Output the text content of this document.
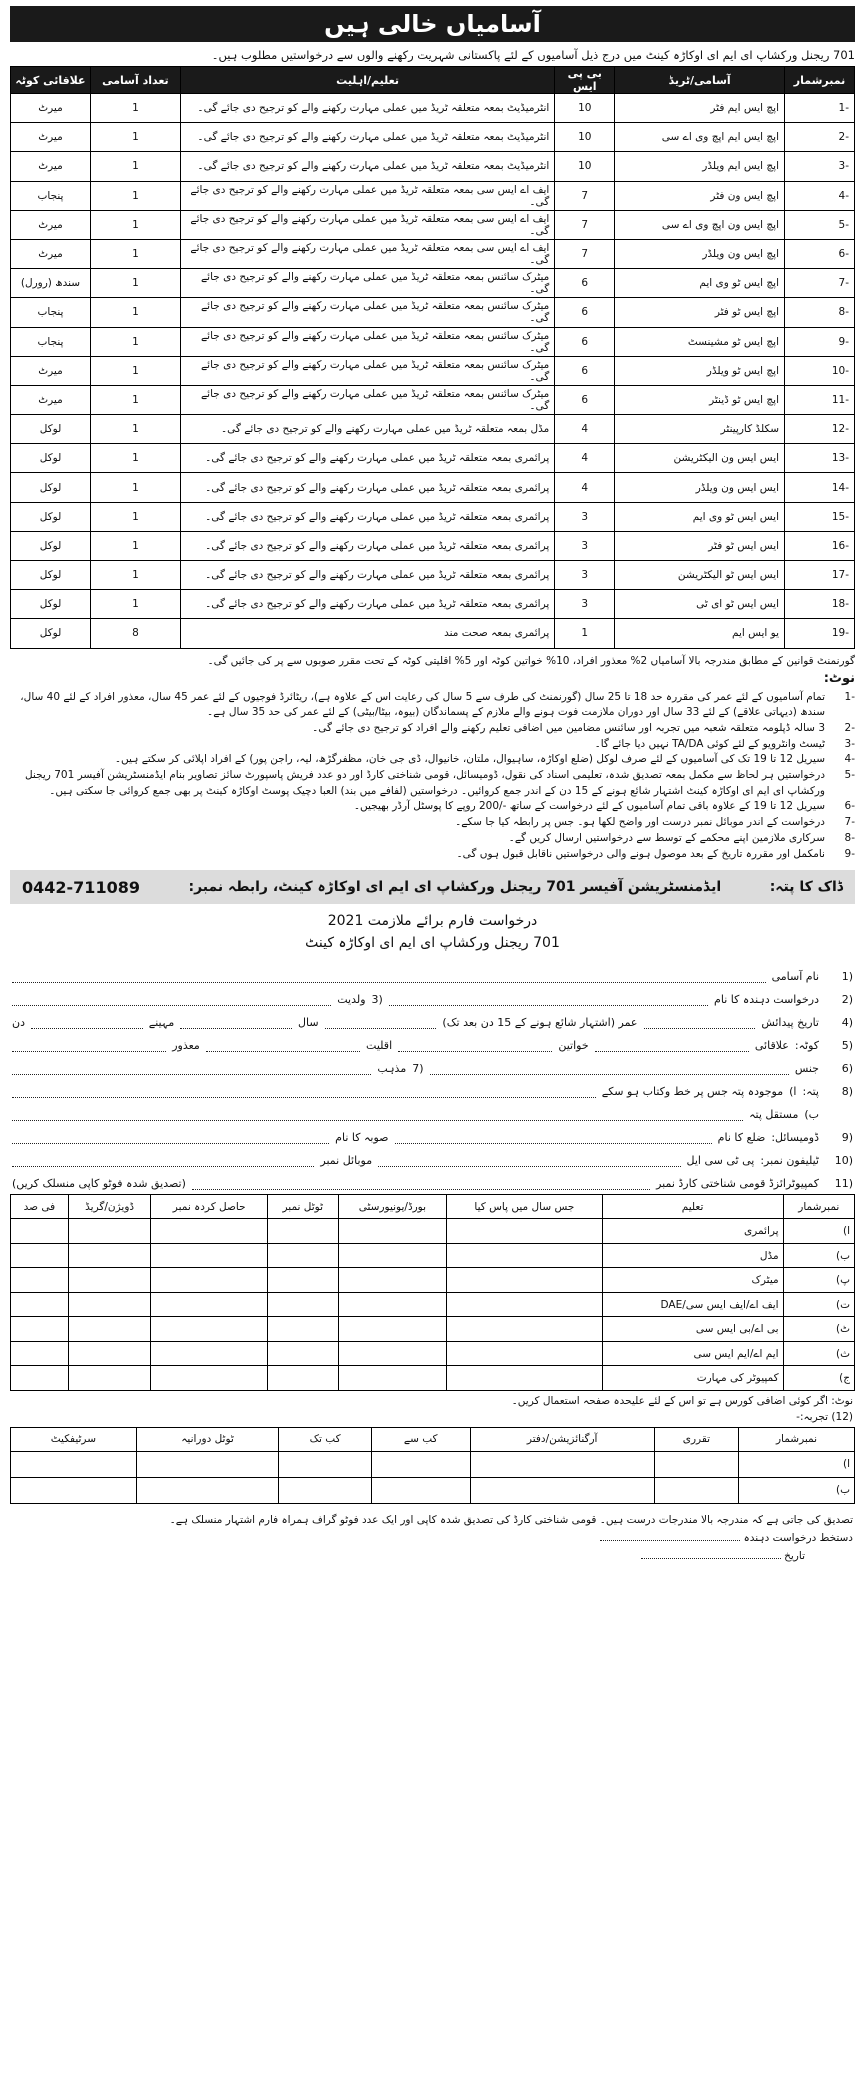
آسامیاں خالی ہیں
701 ریجنل ورکشاپ ای ایم ای اوکاڑہ کینٹ میں درج ذیل آسامیوں کے لئے پاکستانی شہریت رکھنے والوں سے درخواستیں مطلوب ہیں۔
نمبرشمار	آسامی/ٹریڈ	بی پی ایس	تعلیم/اہلیت	تعداد آسامی	علاقائی کوٹہ
-1	اپچ ایس ایم فٹر	10	انٹرمیڈیٹ بمعہ متعلقہ ٹریڈ میں عملی مہارت رکھنے والے کو ترجیح دی جائے گی۔	1	میرٹ
-2	اپچ ایس ایم اپچ وی اے سی	10	انٹرمیڈیٹ بمعہ متعلقہ ٹریڈ میں عملی مہارت رکھنے والے کو ترجیح دی جائے گی۔	1	میرٹ
-3	اپچ ایس ایم ویلڈر	10	انٹرمیڈیٹ بمعہ متعلقہ ٹریڈ میں عملی مہارت رکھنے والے کو ترجیح دی جائے گی۔	1	میرٹ
-4	اپچ ایس ون فٹر	7	ایف اے ایس سی بمعہ متعلقہ ٹریڈ میں عملی مہارت رکھنے والے کو ترجیح دی جائے گی۔	1	پنجاب
-5	اپچ ایس ون اپچ وی اے سی	7	ایف اے ایس سی بمعہ متعلقہ ٹریڈ میں عملی مہارت رکھنے والے کو ترجیح دی جائے گی۔	1	میرٹ
-6	اپچ ایس ون ویلڈر	7	ایف اے ایس سی بمعہ متعلقہ ٹریڈ میں عملی مہارت رکھنے والے کو ترجیح دی جائے گی۔	1	میرٹ
-7	اپچ ایس ٹو وی ایم	6	میٹرک سائنس بمعہ متعلقہ ٹریڈ میں عملی مہارت رکھنے والے کو ترجیح دی جائے گی۔	1	سندھ (رورل)
-8	اپچ ایس ٹو فٹر	6	میٹرک سائنس بمعہ متعلقہ ٹریڈ میں عملی مہارت رکھنے والے کو ترجیح دی جائے گی۔	1	پنجاب
-9	اپچ ایس ٹو مشینسٹ	6	میٹرک سائنس بمعہ متعلقہ ٹریڈ میں عملی مہارت رکھنے والے کو ترجیح دی جائے گی۔	1	پنجاب
-10	اپچ ایس ٹو ویلڈر	6	میٹرک سائنس بمعہ متعلقہ ٹریڈ میں عملی مہارت رکھنے والے کو ترجیح دی جائے گی۔	1	میرٹ
-11	اپچ ایس ٹو ڈینٹر	6	میٹرک سائنس بمعہ متعلقہ ٹریڈ میں عملی مہارت رکھنے والے کو ترجیح دی جائے گی۔	1	میرٹ
-12	سکلڈ کارپینٹر	4	مڈل بمعہ متعلقہ ٹریڈ میں عملی مہارت رکھنے والے کو ترجیح دی جائے گی۔	1	لوکل
-13	ایس ایس ون الیکٹریشن	4	پرائمری بمعہ متعلقہ ٹریڈ میں عملی مہارت رکھنے والے کو ترجیح دی جائے گی۔	1	لوکل
-14	ایس ایس ون ویلڈر	4	پرائمری بمعہ متعلقہ ٹریڈ میں عملی مہارت رکھنے والے کو ترجیح دی جائے گی۔	1	لوکل
-15	ایس ایس ٹو وی ایم	3	پرائمری بمعہ متعلقہ ٹریڈ میں عملی مہارت رکھنے والے کو ترجیح دی جائے گی۔	1	لوکل
-16	ایس ایس ٹو فٹر	3	پرائمری بمعہ متعلقہ ٹریڈ میں عملی مہارت رکھنے والے کو ترجیح دی جائے گی۔	1	لوکل
-17	ایس ایس ٹو الیکٹریشن	3	پرائمری بمعہ متعلقہ ٹریڈ میں عملی مہارت رکھنے والے کو ترجیح دی جائے گی۔	1	لوکل
-18	ایس ایس ٹو ای ٹی	3	پرائمری بمعہ متعلقہ ٹریڈ میں عملی مہارت رکھنے والے کو ترجیح دی جائے گی۔	1	لوکل
-19	یو ایس ایم	1	پرائمری بمعہ صحت مند	8	لوکل
گورنمنٹ قوانین کے مطابق مندرجہ بالا آسامیاں 2% معذور افراد، 10% خواتین کوٹہ اور 5% اقلیتی کوٹہ کے تحت مقرر صوبوں سے پر کی جائیں گی۔
نوٹ:
-1
تمام آسامیوں کے لئے عمر کی مقررہ حد 18 تا 25 سال (گورنمنٹ کی طرف سے 5 سال کی رعایت اس کے علاوہ ہے)، ریٹائرڈ فوجیوں کے لئے عمر 45 سال، معذور افراد کے لئے 40 سال، سندھ (دیہاتی علاقے) کے لئے 33 سال اور دوران ملازمت فوت ہونے والے ملازم کے پسماندگان (بیوہ، بیٹا/بیٹی) کے لئے عمر کی حد 35 سال ہے۔
-2
3 سالہ ڈپلومہ متعلقہ شعبہ میں تجربہ اور سائنس مضامین میں اضافی تعلیم رکھنے والے افراد کو ترجیح دی جائے گی۔
-3
ٹیسٹ وانٹرویو کے لئے کوئی TA/DA نہیں دیا جائے گا۔
-4
سیریل 12 تا 19 تک کی آسامیوں کے لئے صرف لوکل (ضلع اوکاڑہ، ساہیوال، ملتان، خانیوال، ڈی جی خان، مظفرگڑھ، لیہ، راجن پور) کے افراد اپلائی کر سکتے ہیں۔
-5
درخواستیں ہر لحاظ سے مکمل بمعہ تصدیق شدہ، تعلیمی اسناد کی نقول، ڈومیسائل، قومی شناختی کارڈ اور دو عدد فریش پاسپورٹ سائز تصاویر بنام ایڈمنسٹریشن آفیسر 701 ریجنل ورکشاپ ای ایم ای اوکاڑہ کینٹ اشتہار شائع ہونے کے 15 دن کے اندر جمع کروائیں۔ درخواستیں (لفافے میں بند) العبا دچیک پوسٹ اوکاڑہ کینٹ پر بھی جمع کروائی جا سکتی ہیں۔
-6
سیریل 12 تا 19 کے علاوہ باقی تمام آسامیوں کے لئے درخواست کے ساتھ -/200 روپے کا پوسٹل آرڈر بھیجیں۔
-7
درخواست کے اندر موبائل نمبر درست اور واضح لکھا ہو۔ جس پر رابطہ کیا جا سکے۔
-8
سرکاری ملازمین اپنے محکمے کے توسط سے درخواستیں ارسال کریں گے۔
-9
نامکمل اور مقررہ تاریخ کے بعد موصول ہونے والی درخواستیں ناقابل قبول ہوں گی۔
ڈاک کا پتہ:
ایڈمنسٹریشن آفیسر 701 ریجنل ورکشاپ ای ایم ای اوکاڑہ کینٹ، رابطہ نمبر:
0442-711089
درخواست فارم برائے ملازمت 2021
701 ریجنل ورکشاپ ای ایم ای اوکاڑہ کینٹ
(1
نام آسامی
(2
درخواست دہندہ کا نام
(3
ولدیت
(4
تاریخ پیدائش
عمر (اشتہار شائع ہونے کے 15 دن بعد تک)
سال
مہینے
دن
(5
کوٹہ:
علاقائی
خواتین
اقلیت
معذور
(6
جنس
(7
مذہب
(8
پتہ:
ا)
موجودہ پتہ جس پر خط وکتاب ہو سکے
ب)
مستقل پتہ
(9
ڈومیسائل:
ضلع کا نام
صوبہ کا نام
(10
ٹیلیفون نمبر:
پی ٹی سی ایل
موبائل نمبر
(11
کمپیوٹرائزڈ قومی شناختی کارڈ نمبر
(تصدیق شدہ فوٹو کاپی منسلک کریں)
نمبرشمار	تعلیم	جس سال میں پاس کیا	بورڈ/یونیورسٹی	ٹوٹل نمبر	حاصل کردہ نمبر	ڈویژن/گریڈ	فی صد
ا)	پرائمری						
ب)	مڈل						
پ)	میٹرک						
ت)	ایف اے/ایف ایس سی/DAE						
ٹ)	بی اے/بی ایس سی						
ث)	ایم اے/ایم ایس سی						
ج)	کمپیوٹر کی مہارت						
نوٹ: اگر کوئی اضافی کورس ہے تو اس کے لئے علیحدہ صفحہ استعمال کریں۔
(12) تجربہ:-
نمبرشمار	تقرری	آرگنائزیشن/دفتر	کب سے	کب تک	ٹوٹل دورانیہ	سرٹیفکیٹ
ا)						
ب)						
تصدیق کی جاتی ہے کہ مندرجہ بالا مندرجات درست ہیں۔ قومی شناختی کارڈ کی تصدیق شدہ کاپی اور ایک عدد فوٹو گراف ہمراہ فارم اشتہار منسلک ہے۔
دستخط درخواست دہندہ
تاریخ
